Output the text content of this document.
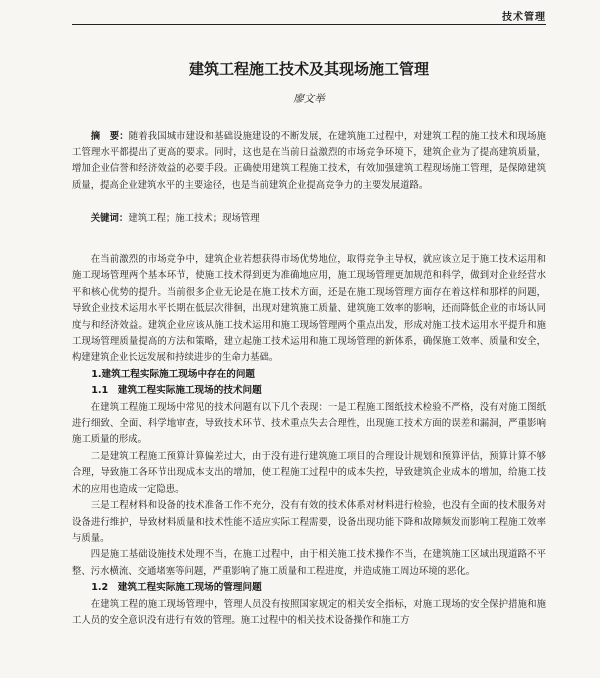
技术管理
建筑工程施工技术及其现场施工管理
廖文举

摘　要：随着我国城市建设和基础设施建设的不断发展，在建筑施工过程中，对建筑工程的施工技术和现场施工管理水平都提出了更高的要求。同时，这也是在当前日益激烈的市场竞争环境下，建筑企业为了提高建筑质量，增加企业信誉和经济效益的必要手段。正确使用建筑工程施工技术，有效加强建筑工程现场施工管理，是保障建筑质量，提高企业建筑水平的主要途径，也是当前建筑企业提高竞争力的主要发展道路。

关键词：建筑工程；施工技术；现场管理

在当前激烈的市场竞争中，建筑企业若想获得市场优势地位，取得竞争主导权，就应该立足于施工技术运用和施工现场管理两个基本环节，使施工技术得到更为准确地应用，施工现场管理更加规范和科学，做到对企业经营水平和核心优势的提升。当前很多企业无论是在施工技术方面，还是在施工现场管理方面存在着这样和那样的问题，导致企业技术运用水平长期在低层次徘徊，出现对建筑施工质量、建筑施工效率的影响，还而降低企业的市场认同度与和经济效益。建筑企业应该从施工技术运用和施工现场管理两个重点出发，形成对施工技术运用水平提升和施工现场管理质量提高的方法和策略，建立起施工技术运用和施工现场管理的新体系，确保施工效率、质量和安全，构建建筑企业长远发展和持续进步的生命力基础。

1.建筑工程实际施工现场中存在的问题

1.1　建筑工程实际施工现场的技术问题

在建筑工程施工现场中常见的技术问题有以下几个表现：一是工程施工图纸技术检验不严格，没有对施工图纸进行细致、全面、科学地审查，导致技术环节、技术重点失去合理性，出现施工技术方面的误差和漏洞，严重影响施工质量的形成。

二是建筑工程施工预算计算偏差过大，由于没有进行建筑施工项目的合理设计规划和预算评估，预算计算不够合理，导致施工各环节出现成本支出的增加，使工程施工过程中的成本失控，导致建筑企业成本的增加，给施工技术的应用也造成一定隐患。

三是工程材料和设备的技术准备工作不充分，没有有效的技术体系对材料进行检验，也没有全面的技术服务对设备进行维护，导致材料质量和技术性能不适应实际工程需要，设备出现功能下降和故障频发而影响工程施工效率与质量。

四是施工基础设施技术处理不当，在施工过程中，由于相关施工技术操作不当，在建筑施工区域出现道路不平整、污水横流、交通堵塞等问题，严重影响了施工质量和工程进度，并造成施工周边环境的恶化。

1.2　建筑工程实际施工现场的管理问题

在建筑工程的施工现场管理中，管理人员没有按照国家规定的相关安全指标，对施工现场的安全保护措施和施工人员的安全意识没有进行有效的管理。施工过程中的相关技术设备操作和施工方
